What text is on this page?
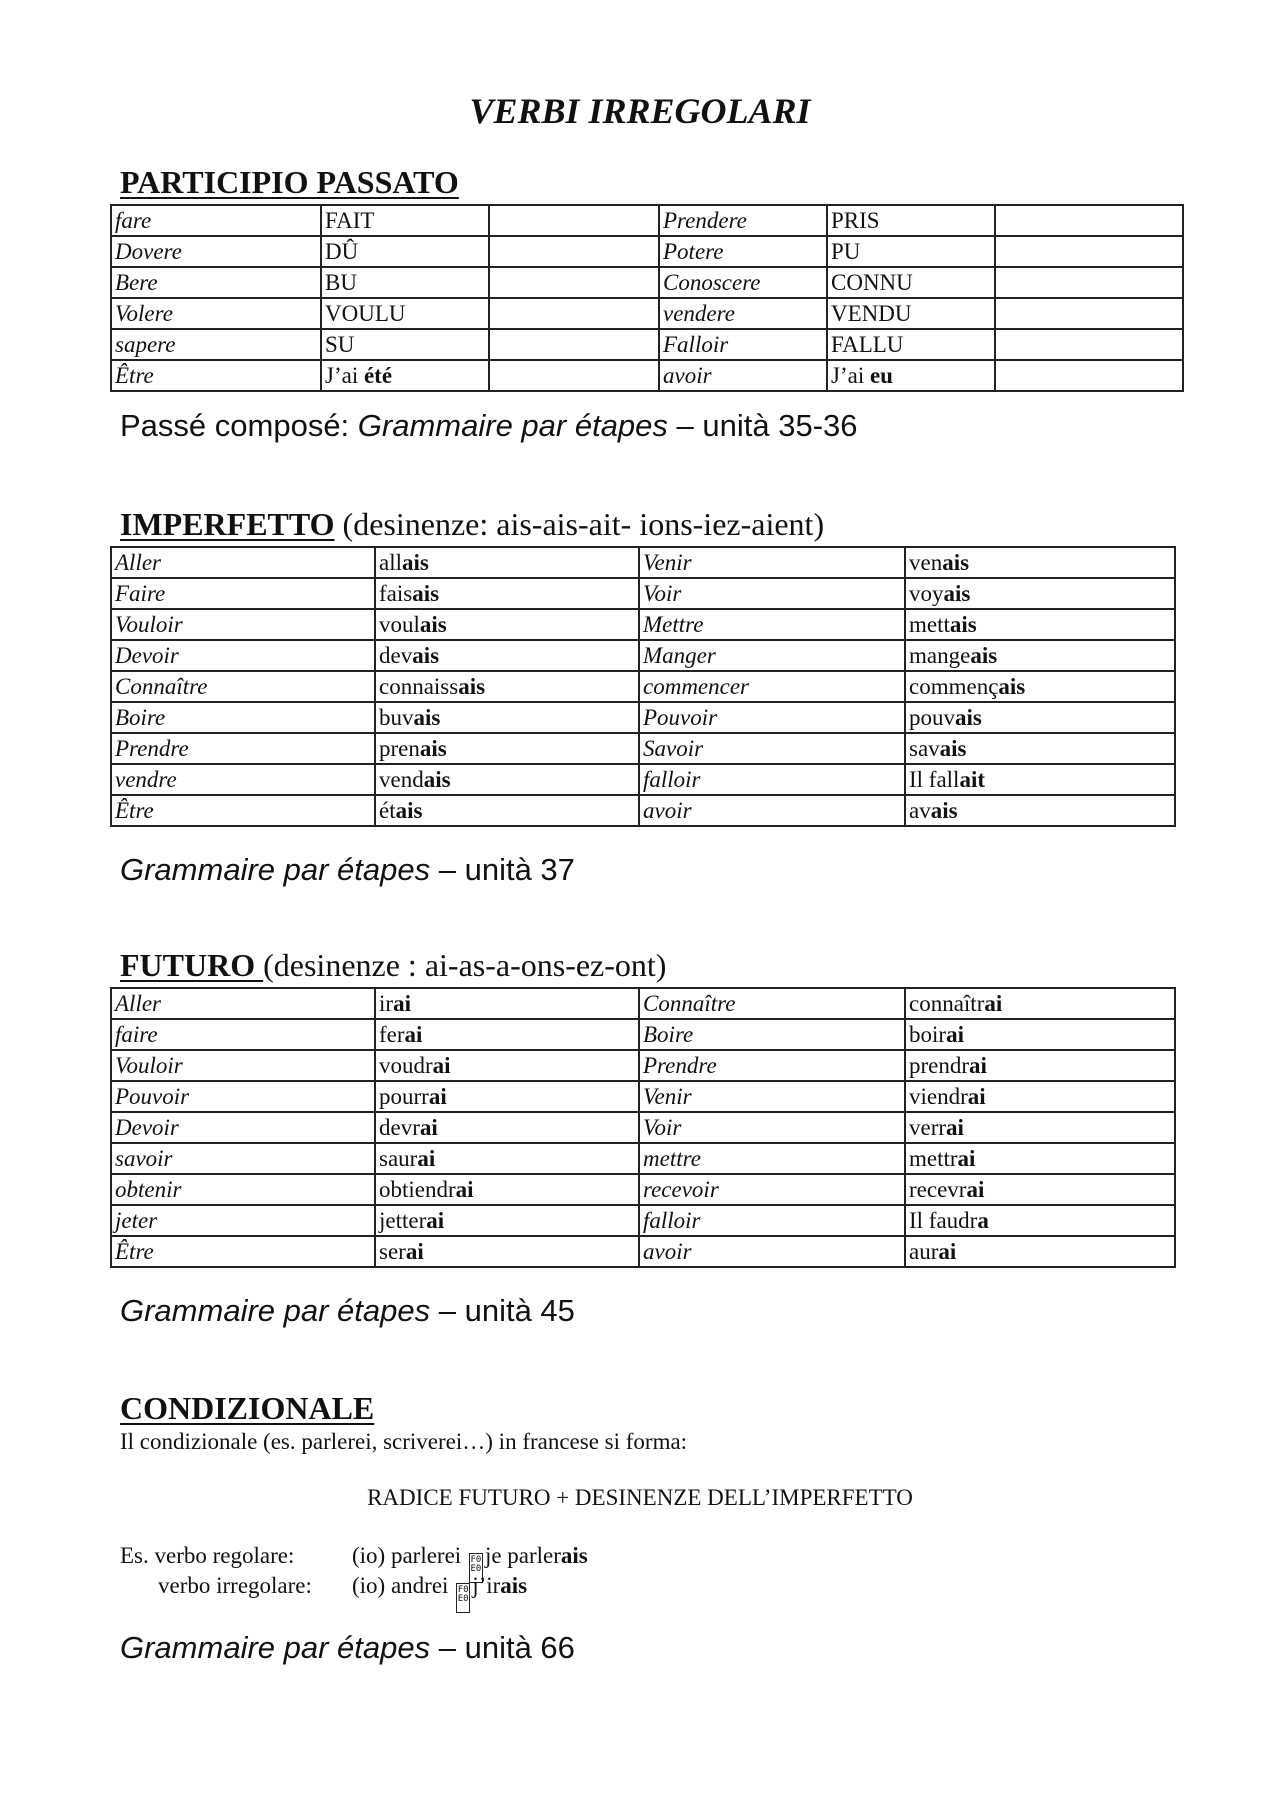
VERBI IRREGOLARI
PARTICIPIO PASSATO
fare	FAIT		Prendere	PRIS	
Dovere	DÛ		Potere	PU	
Bere	BU		Conoscere	CONNU	
Volere	VOULU		vendere	VENDU	
sapere	SU		Falloir	FALLU	
Être	J’ai été		avoir	J’ai eu	
Passé composé: Grammaire par étapes – unità 35-36
IMPERFETTO (desinenze: ais-ais-ait- ions-iez-aient)
Aller	allais	Venir	venais
Faire	faisais	Voir	voyais
Vouloir	voulais	Mettre	mettais
Devoir	devais	Manger	mangeais
Connaître	connaissais	commencer	commençais
Boire	buvais	Pouvoir	pouvais
Prendre	prenais	Savoir	savais
vendre	vendais	falloir	Il fallait
Être	étais	avoir	avais
Grammaire par étapes – unità 37
FUTURO (desinenze : ai-as-a-ons-ez-ont)
Aller	irai	Connaître	connaîtrai
faire	ferai	Boire	boirai
Vouloir	voudrai	Prendre	prendrai
Pouvoir	pourrai	Venir	viendrai
Devoir	devrai	Voir	verrai
savoir	saurai	mettre	mettrai
obtenir	obtiendrai	recevoir	recevrai
jeter	jetterai	falloir	Il faudra
Être	serai	avoir	aurai
Grammaire par étapes – unità 45
CONDIZIONALE
Il condizionale (es. parlerei, scriverei…) in francese si forma:
RADICE FUTURO + DESINENZE DELL’IMPERFETTO
Es. verbo regolare:	(io) parlerei F0
E0je parlerais
verbo irregolare: (io) andrei F0
E0j’irais
Grammaire par étapes – unità 66
